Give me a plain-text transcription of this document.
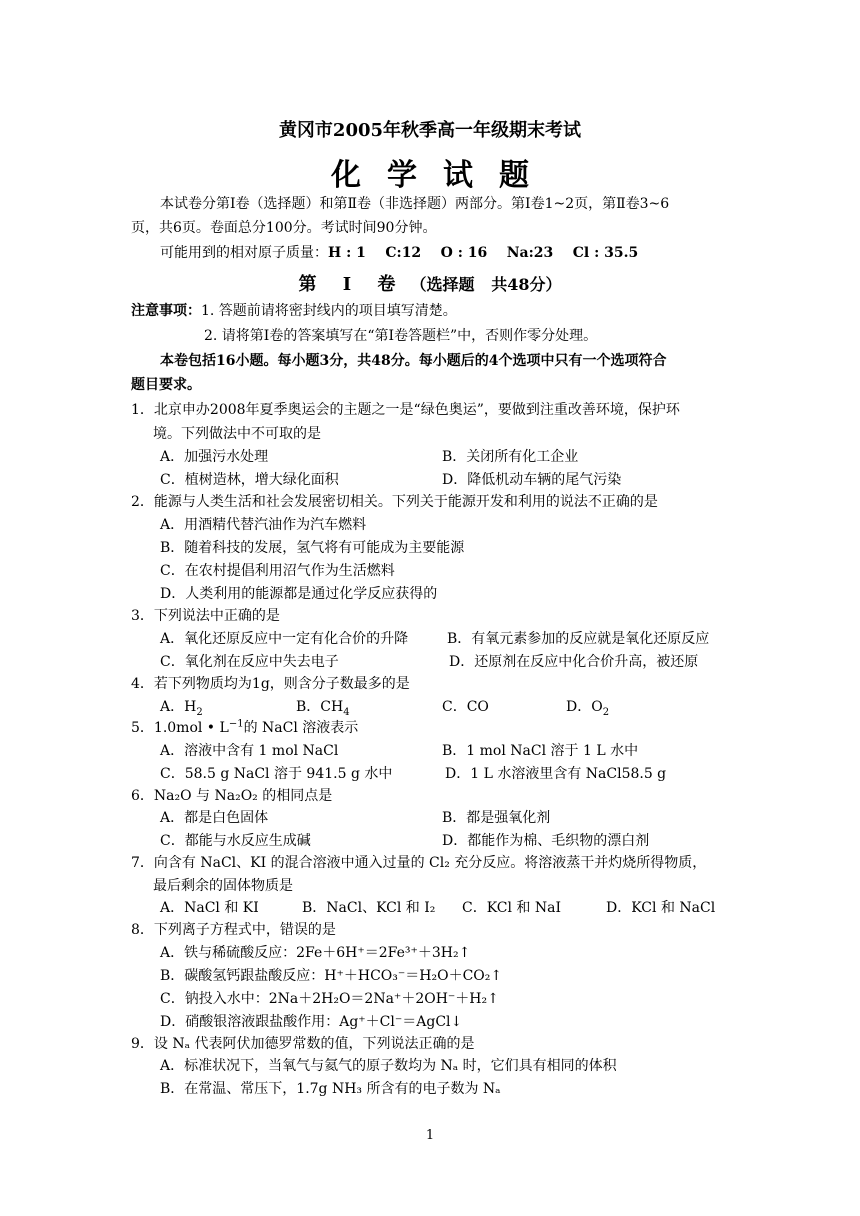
黄冈市2005年秋季高一年级期末考试
化学试题
本试卷分第Ⅰ卷（选择题）和第Ⅱ卷（非选择题）两部分。第Ⅰ卷1~2页，第Ⅱ卷3~6
页，共6页。卷面总分100分。考试时间90分钟。
可能用到的相对原子质量：H : 1    C:12    O : 16    Na:23    Cl : 35.5
第 Ⅰ 卷 （选择题   共48分）
注意事项：1. 答题前请将密封线内的项目填写清楚。
2. 请将第Ⅰ卷的答案填写在“第Ⅰ卷答题栏”中，否则作零分处理。
本卷包括16小题。每小题3分，共48分。每小题后的4个选项中只有一个选项符合
题目要求。
1．北京申办2008年夏季奥运会的主题之一是“绿色奥运”，要做到注重改善环境，保护环
境。下列做法中不可取的是
A．加强污水处理	B．关闭所有化工企业
C．植树造林，增大绿化面积	D．降低机动车辆的尾气污染
2．能源与人类生活和社会发展密切相关。下列关于能源开发和利用的说法不正确的是
A．用酒精代替汽油作为汽车燃料
B．随着科技的发展，氢气将有可能成为主要能源
C．在农村提倡利用沼气作为生活燃料
D．人类利用的能源都是通过化学反应获得的
3．下列说法中正确的是
A．氧化还原反应中一定有化合价的升降	B．有氧元素参加的反应就是氧化还原反应
C．氧化剂在反应中失去电子	D．还原剂在反应中化合价升高，被还原
4．若下列物质均为1g，则含分子数最多的是
A．$H_2$	B．$CH_4$	C．CO	D．$O_2$
5．1.0mol • $L^{-1}$的 NaCl 溶液表示
A．溶液中含有 1 mol NaCl	B．1 mol NaCl 溶于 1 L 水中
C．58.5 g NaCl 溶于 941.5 g 水中	D．1 L 水溶液里含有 NaCl58.5 g
6．Na₂O 与 Na₂O₂ 的相同点是
A．都是白色固体	B．都是强氧化剂
C．都能与水反应生成碱	D．都能作为棉、毛织物的漂白剂
7．向含有 NaCl、KI 的混合溶液中通入过量的 Cl₂ 充分反应。将溶液蒸干并灼烧所得物质，
最后剩余的固体物质是
A．NaCl 和 KI	B．NaCl、KCl 和 I₂ C．KCl 和 NaI	D．KCl 和 NaCl
8．下列离子方程式中，错误的是
A．铁与稀硫酸反应：2Fe＋6H⁺＝2Fe³⁺＋3H₂↑
B．碳酸氢钙跟盐酸反应：H⁺＋HCO₃⁻＝H₂O＋CO₂↑
C．钠投入水中：2Na＋2H₂O＝2Na⁺＋2OH⁻＋H₂↑
D．硝酸银溶液跟盐酸作用：Ag⁺＋Cl⁻＝AgCl↓
9．设 Nₐ 代表阿伏加德罗常数的值，下列说法正确的是
A．标准状况下，当氧气与氦气的原子数均为 Nₐ 时，它们具有相同的体积
B．在常温、常压下，1.7g NH₃ 所含有的电子数为 Nₐ
1
